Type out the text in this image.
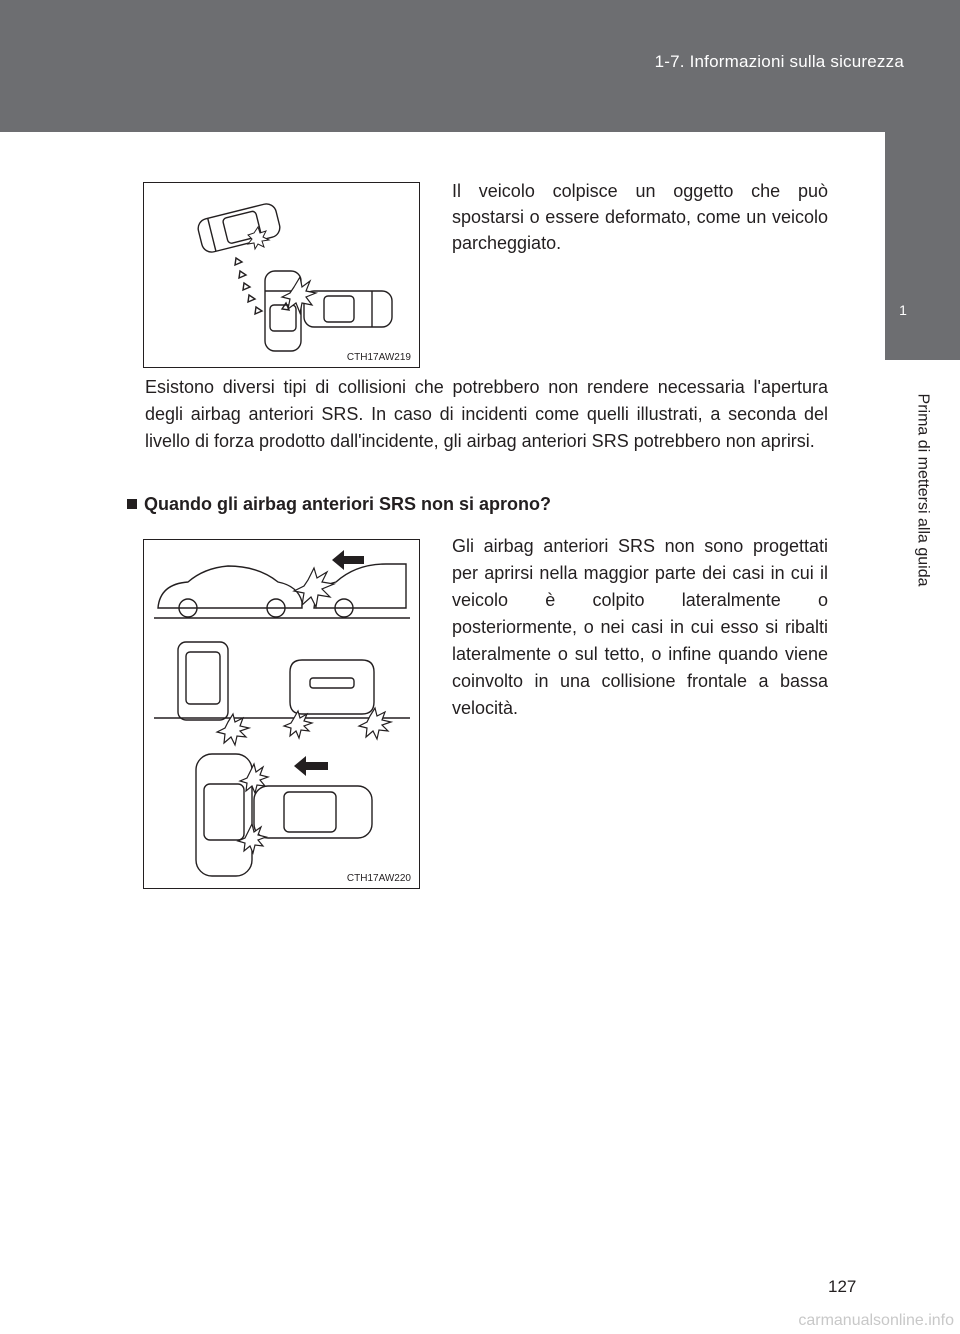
1-7. Informazioni sulla sicurezza
1
Prima di mettersi alla guida
CTH17AW219
Il veicolo colpisce un oggetto che può spostarsi o essere deformato, come un veicolo parcheggiato.
Esistono diversi tipi di collisioni che potrebbero non rendere necessaria l'apertura degli airbag anteriori SRS. In caso di incidenti come quelli illustrati, a seconda del livello di forza prodotto dall'incidente, gli airbag anteriori SRS potrebbero non aprirsi.
Quando gli airbag anteriori SRS non si aprono?
CTH17AW220
Gli airbag anteriori SRS non sono progettati per aprirsi nella maggior parte dei casi in cui il veicolo è colpito lateralmente o posteriormente, o nei casi in cui esso si ribalti lateralmente o sul tetto, o infine quando viene coinvolto in una collisione frontale a bassa velocità.
127
carmanualsonline.info
